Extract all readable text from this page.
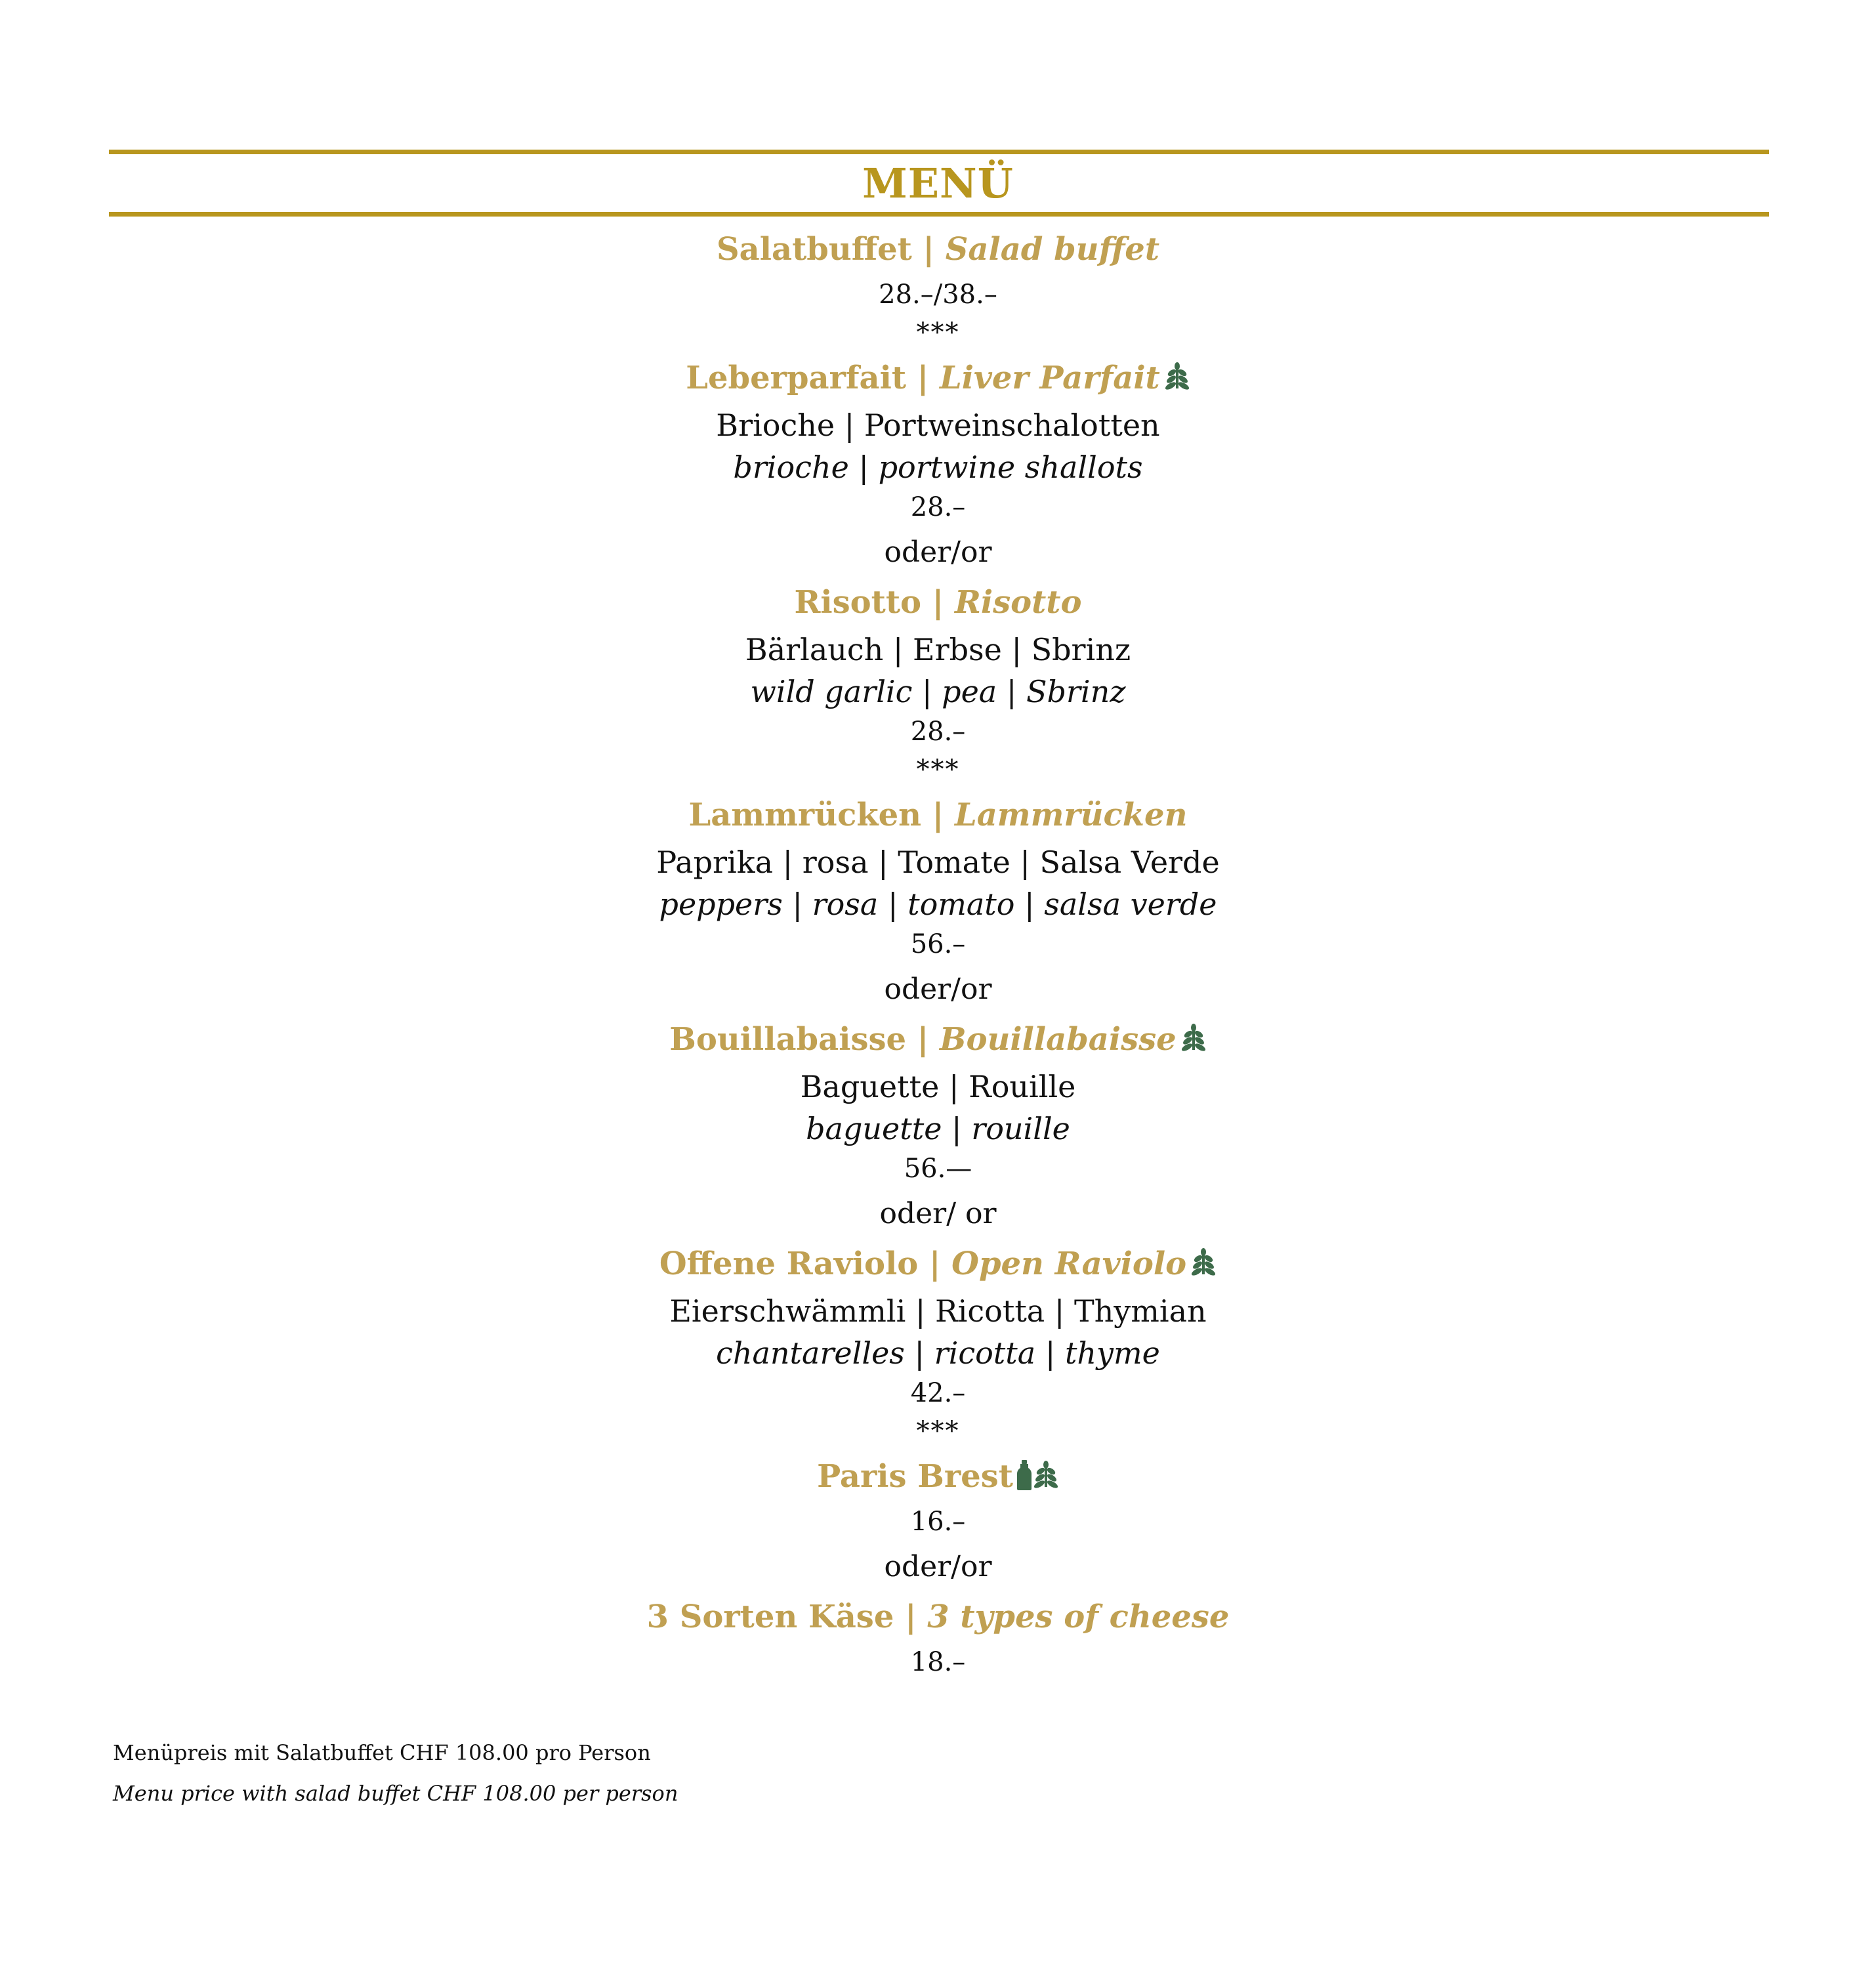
MENÜ
Salatbuffet | Salad buffet
28.–/38.–
***
Leberparfait | Liver Parfait
Brioche | Portweinschalotten
brioche | portwine shallots
28.–
oder/or
Risotto | Risotto
Bärlauch | Erbse | Sbrinz
wild garlic | pea | Sbrinz
28.–
***
Lammrücken | Lammrücken
Paprika | rosa | Tomate | Salsa Verde
peppers | rosa | tomato | salsa verde
56.–
oder/or
Bouillabaisse | Bouillabaisse
Baguette | Rouille
baguette | rouille
56.—
oder/ or
Offene Raviolo | Open Raviolo
Eierschwämmli | Ricotta | Thymian
chantarelles | ricotta | thyme
42.–
***
Paris Brest
16.–
oder/or
3 Sorten Käse | 3 types of cheese
18.–
Menüpreis mit Salatbuffet CHF 108.00 pro Person
Menu price with salad buffet CHF 108.00 per person
